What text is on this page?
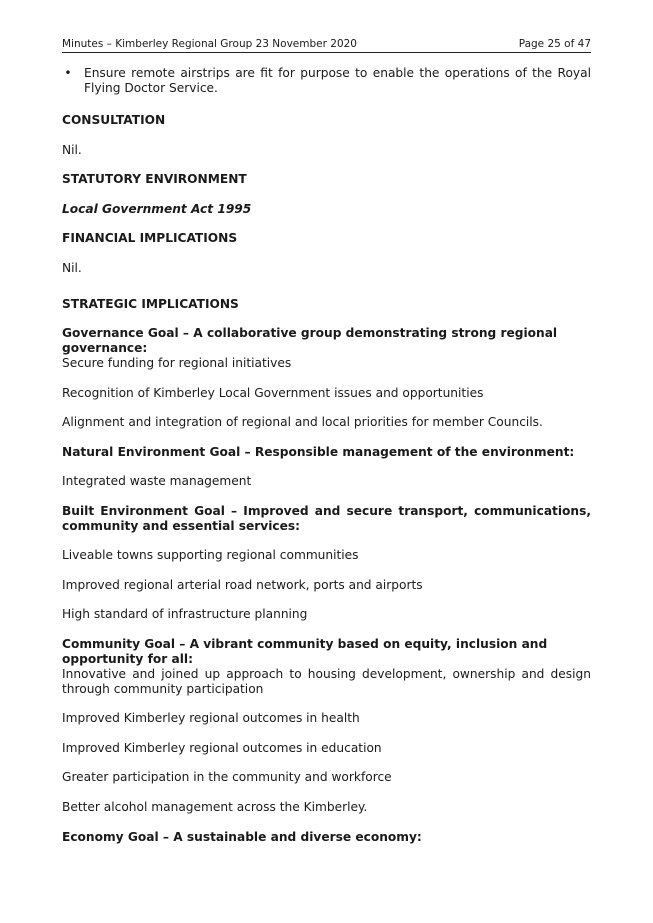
Minutes – Kimberley Regional Group 23 November 2020	Page 25 of 47
• Ensure remote airstrips are fit for purpose to enable the operations of the Royal Flying Doctor Service.
CONSULTATION
Nil.
STATUTORY ENVIRONMENT
Local Government Act 1995
FINANCIAL IMPLICATIONS
Nil.
STRATEGIC IMPLICATIONS
Governance Goal – A collaborative group demonstrating strong regional governance:
Secure funding for regional initiatives
Recognition of Kimberley Local Government issues and opportunities
Alignment and integration of regional and local priorities for member Councils.
Natural Environment Goal – Responsible management of the environment:
Integrated waste management
Built Environment Goal – Improved and secure transport, communications, community and essential services:
Liveable towns supporting regional communities
Improved regional arterial road network, ports and airports
High standard of infrastructure planning
Community Goal – A vibrant community based on equity, inclusion and opportunity for all:
Innovative and joined up approach to housing development, ownership and design through community participation
Improved Kimberley regional outcomes in health
Improved Kimberley regional outcomes in education
Greater participation in the community and workforce
Better alcohol management across the Kimberley.
Economy Goal – A sustainable and diverse economy:
